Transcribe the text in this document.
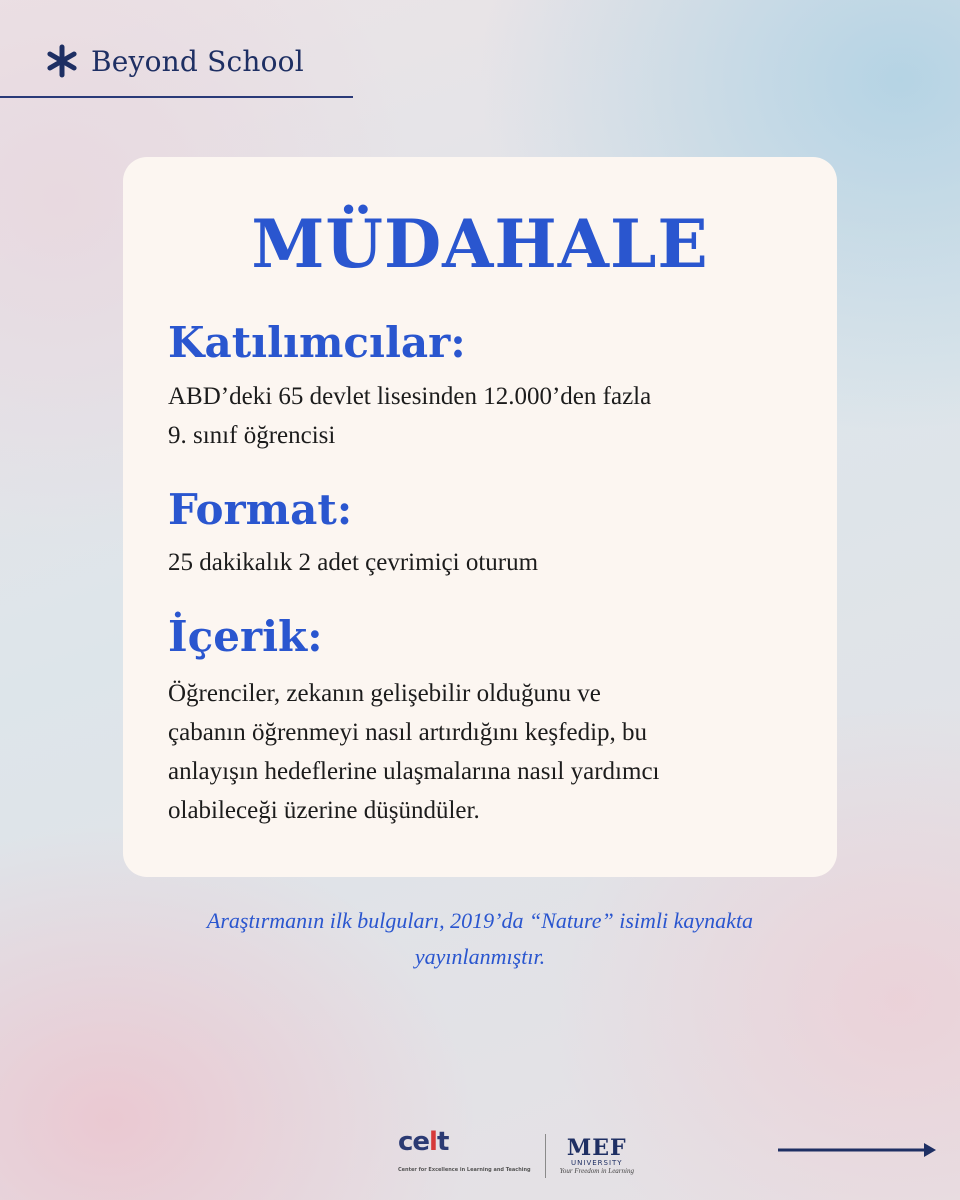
Beyond School
MÜDAHALE
Katılımcılar:
ABD’deki 65 devlet lisesinden 12.000’den fazla
9. sınıf öğrencisi
Format:
25 dakikalık 2 adet çevrimiçi oturum
İçerik:
Öğrenciler, zekanın gelişebilir olduğunu ve
çabanın öğrenmeyi nasıl artırdığını keşfedip, bu
anlayışın hedeflerine ulaşmalarına nasıl yardımcı
olabileceği üzerine düşündüler.
Araştırmanın ilk bulguları, 2019’da “Nature” isimli kaynakta
yayınlanmıştır.
celt
Center for Excellence in Learning and Teaching
MEF
UNIVERSITY
Your Freedom in Learning
